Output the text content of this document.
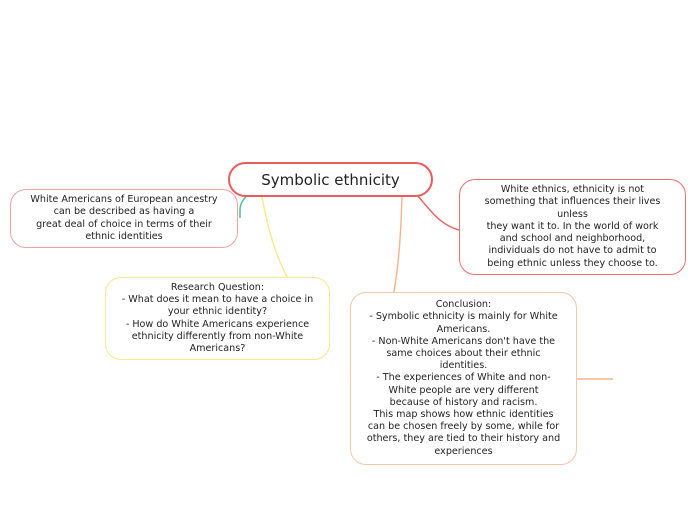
Symbolic ethnicity
White Americans of European ancestry
can be described as having a
great deal of choice in terms of their
ethnic identities
White ethnics, ethnicity is not
something that influences their lives
unless
they want it to. In the world of work
and school and neighborhood,
individuals do not have to admit to
being ethnic unless they choose to.
Research Question:
- What does it mean to have a choice in
your ethnic identity?
- How do White Americans experience
ethnicity differently from non-White
Americans?
Conclusion:
- Symbolic ethnicity is mainly for White
Americans.
- Non-White Americans don't have the
same choices about their ethnic
identities.
- The experiences of White and non-
White people are very different
because of history and racism.
This map shows how ethnic identities
can be chosen freely by some, while for
others, they are tied to their history and
experiences
